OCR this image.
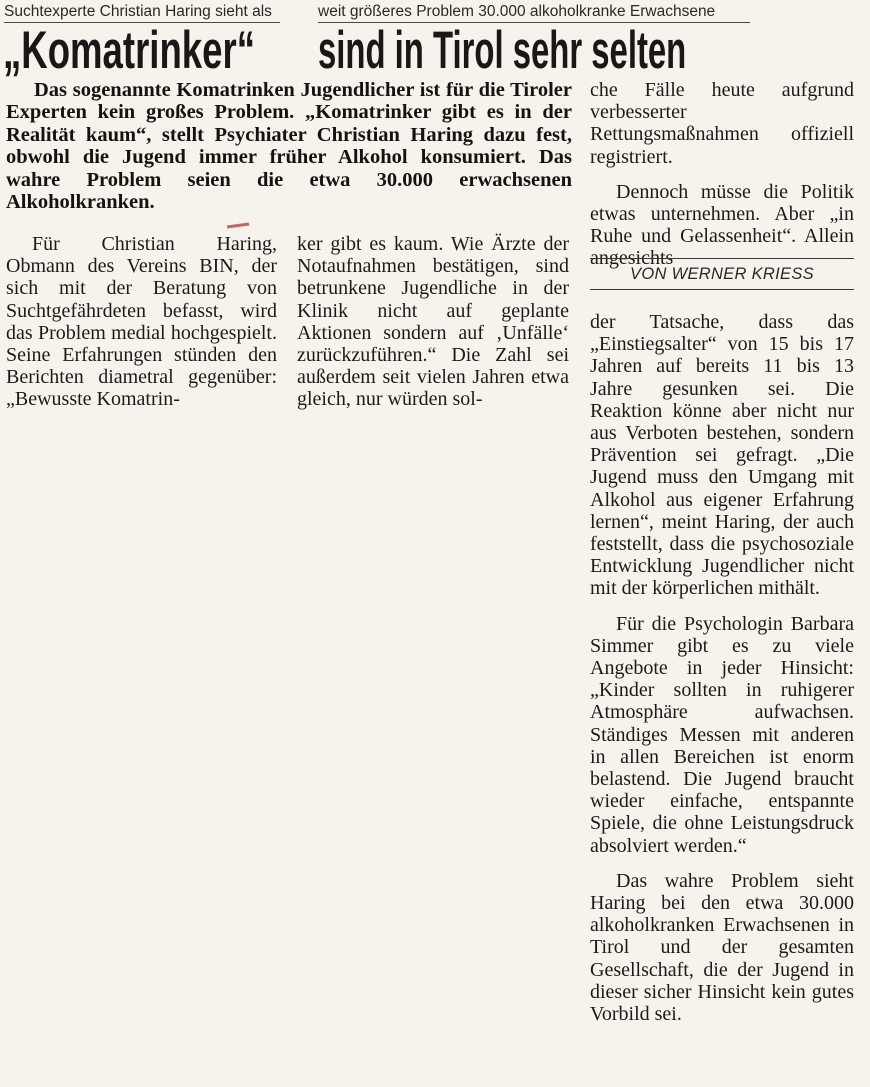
Suchtexperte Christian Haring sieht als	weit größeres Problem 30.000 alkoholkranke Erwachsene
„Komatrinker“ sind in Tirol sehr selten
Das sogenannte Komatrinken Jugendlicher ist für die Tiroler Experten kein großes Problem. „Komatrinker gibt es in der Realität kaum“, stellt Psychiater Christian Haring dazu fest, obwohl die Jugend immer früher Alkohol konsumiert. Das wahre Problem seien die etwa 30.000 erwachsenen Alkoholkranken.

Für Christian Haring, Obmann des Vereins BIN, der sich mit der Beratung von Suchtgefährdeten befasst, wird das Problem medial hochgespielt. Seine Erfahrungen stünden den Berichten diametral gegenüber: „Bewusste Komatrin-

ker gibt es kaum. Wie Ärzte der Notaufnahmen bestätigen, sind betrunkene Jugendliche in der Klinik nicht auf geplante Aktionen sondern auf ‚Unfälle‘ zurückzuführen.“ Die Zahl sei außerdem seit vielen Jahren etwa gleich, nur würden sol-

che Fälle heute aufgrund verbesserter Rettungsmaßnahmen offiziell registriert.

Dennoch müsse die Politik etwas unternehmen. Aber „in Ruhe und Gelassenheit“. Allein angesichts

VON WERNER KRIESS

der Tatsache, dass das „Einstiegsalter“ von 15 bis 17 Jahren auf bereits 11 bis 13 Jahre gesunken sei. Die Reaktion könne aber nicht nur aus Verboten bestehen, sondern Prävention sei gefragt. „Die Jugend muss den Umgang mit Alkohol aus eigener Erfahrung lernen“, meint Haring, der auch feststellt, dass die psychosoziale Entwicklung Jugendlicher nicht mit der körperlichen mithält.

Für die Psychologin Barbara Simmer gibt es zu viele Angebote in jeder Hinsicht: „Kinder sollten in ruhigerer Atmosphäre aufwachsen. Ständiges Messen mit anderen in allen Bereichen ist enorm belastend. Die Jugend braucht wieder einfache, entspannte Spiele, die ohne Leistungsdruck absolviert werden.“

Das wahre Problem sieht Haring bei den etwa 30.000 alkoholkranken Erwachsenen in Tirol und der gesamten Gesellschaft, die der Jugend in dieser sicher Hinsicht kein gutes Vorbild sei.
